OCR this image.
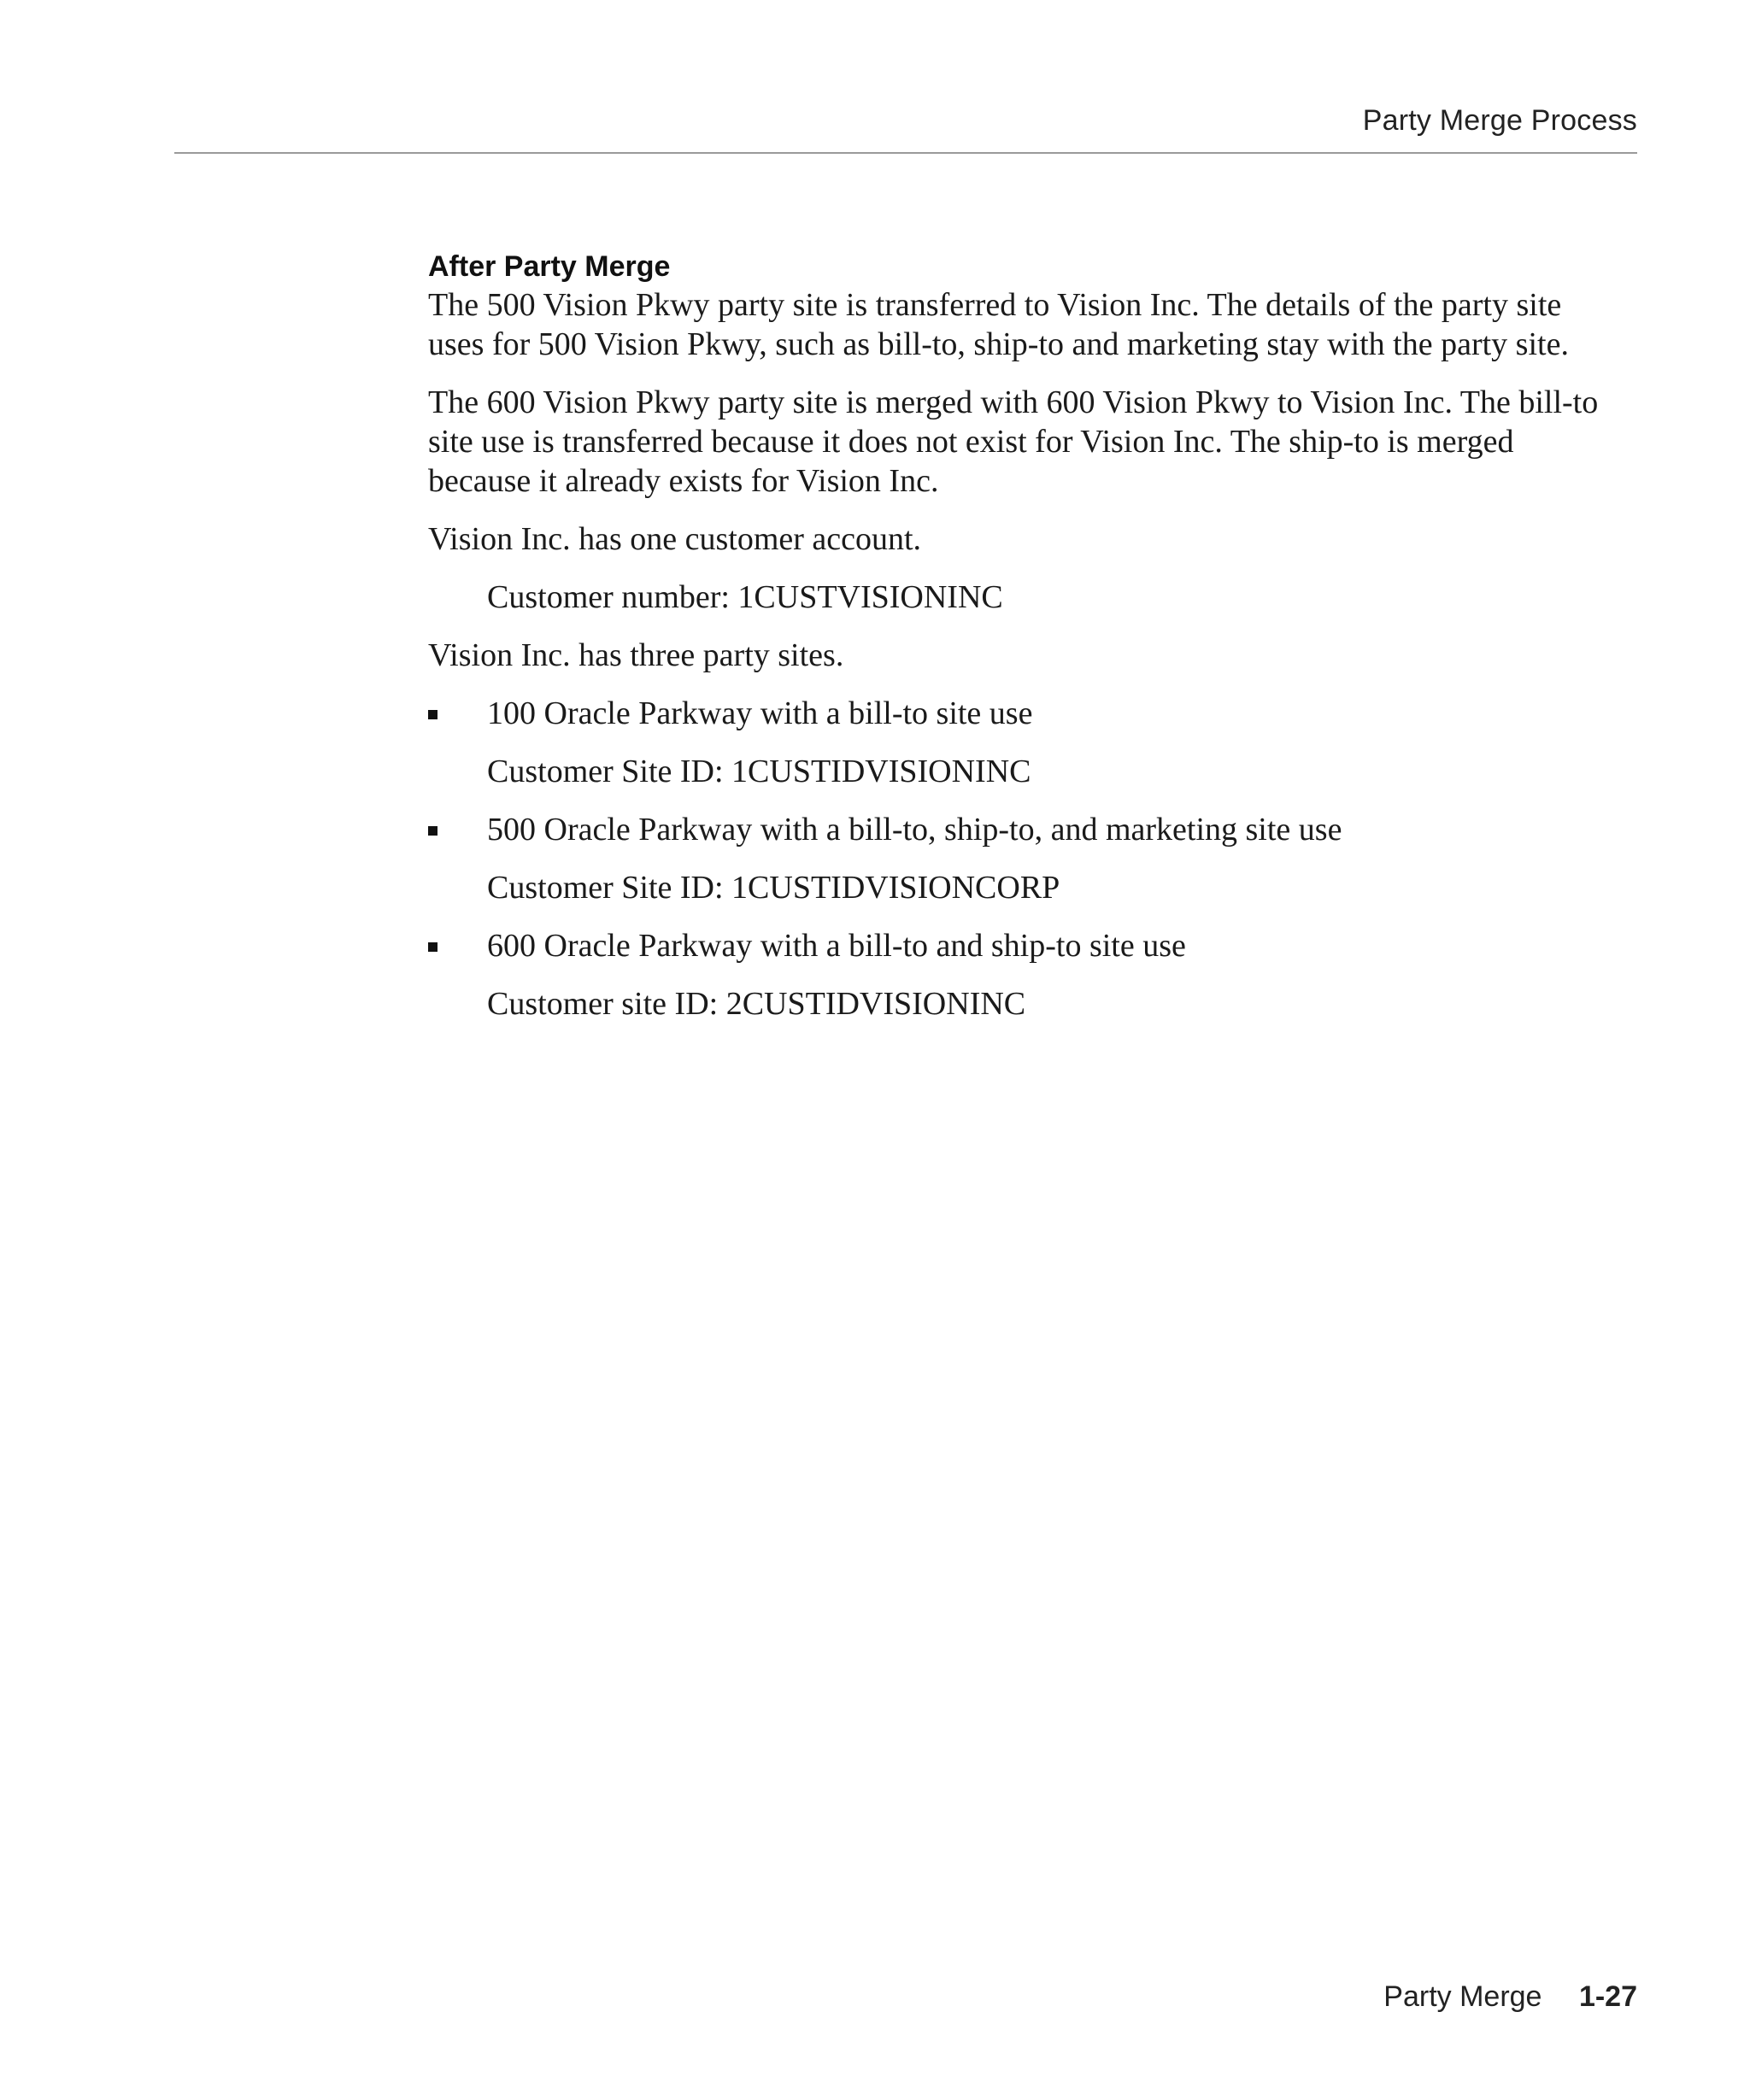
Party Merge Process
After Party Merge

The 500 Vision Pkwy party site is transferred to Vision Inc. The details of the party site uses for 500 Vision Pkwy, such as bill-to, ship-to and marketing stay with the party site.

The 600 Vision Pkwy party site is merged with 600 Vision Pkwy to Vision Inc. The bill-to site use is transferred because it does not exist for Vision Inc. The ship-to is merged because it already exists for Vision Inc.

Vision Inc. has one customer account.

Customer number: 1CUSTVISIONINC

Vision Inc. has three party sites.

100 Oracle Parkway with a bill-to site use

Customer Site ID: 1CUSTIDVISIONINC

500 Oracle Parkway with a bill-to, ship-to, and marketing site use

Customer Site ID: 1CUSTIDVISIONCORP

600 Oracle Parkway with a bill-to and ship-to site use

Customer site ID: 2CUSTIDVISIONINC

Party Merge 1-27
